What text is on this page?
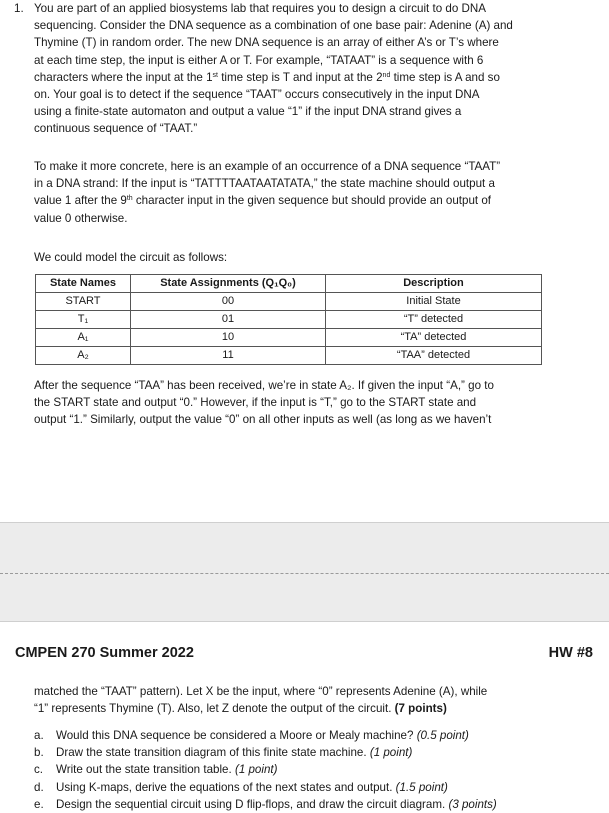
1. You are part of an applied biosystems lab that requires you to design a circuit to do DNA
sequencing. Consider the DNA sequence as a combination of one base pair: Adenine (A) and
Thymine (T) in random order. The new DNA sequence is an array of either A’s or T’s where
at each time step, the input is either A or T. For example, “TATAAT” is a sequence with 6
characters where the input at the 1st time step is T and input at the 2nd time step is A and so
on. Your goal is to detect if the sequence “TAAT” occurs consecutively in the input DNA
using a finite-state automaton and output a value “1” if the input DNA strand gives a
continuous sequence of “TAAT.”

To make it more concrete, here is an example of an occurrence of a DNA sequence “TAAT”
in a DNA strand: If the input is “TATTTTAATAATATATA,” the state machine should output a
value 1 after the 9th character input in the given sequence but should provide an output of
value 0 otherwise.

We could model the circuit as follows:

State Names	State Assignments (Q₁Q₀)	Description
START	00	Initial State
T₁	01	“T” detected
A₁	10	“TA” detected
A₂	11	“TAA” detected

After the sequence “TAA” has been received, we’re in state A₂. If given the input “A,” go to
the START state and output “0.” However, if the input is “T,” go to the START state and
output “1.” Similarly, output the value “0” on all other inputs as well (as long as we haven’t

CMPEN 270 Summer 2022	HW #8

matched the “TAAT” pattern). Let X be the input, where “0” represents Adenine (A), while
“1” represents Thymine (T). Also, let Z denote the output of the circuit. (7 points)

a. Would this DNA sequence be considered a Moore or Mealy machine? (0.5 point)
b. Draw the state transition diagram of this finite state machine. (1 point)
c. Write out the state transition table. (1 point)
d. Using K-maps, derive the equations of the next states and output. (1.5 point)
e. Design the sequential circuit using D flip-flops, and draw the circuit diagram. (3 points)
